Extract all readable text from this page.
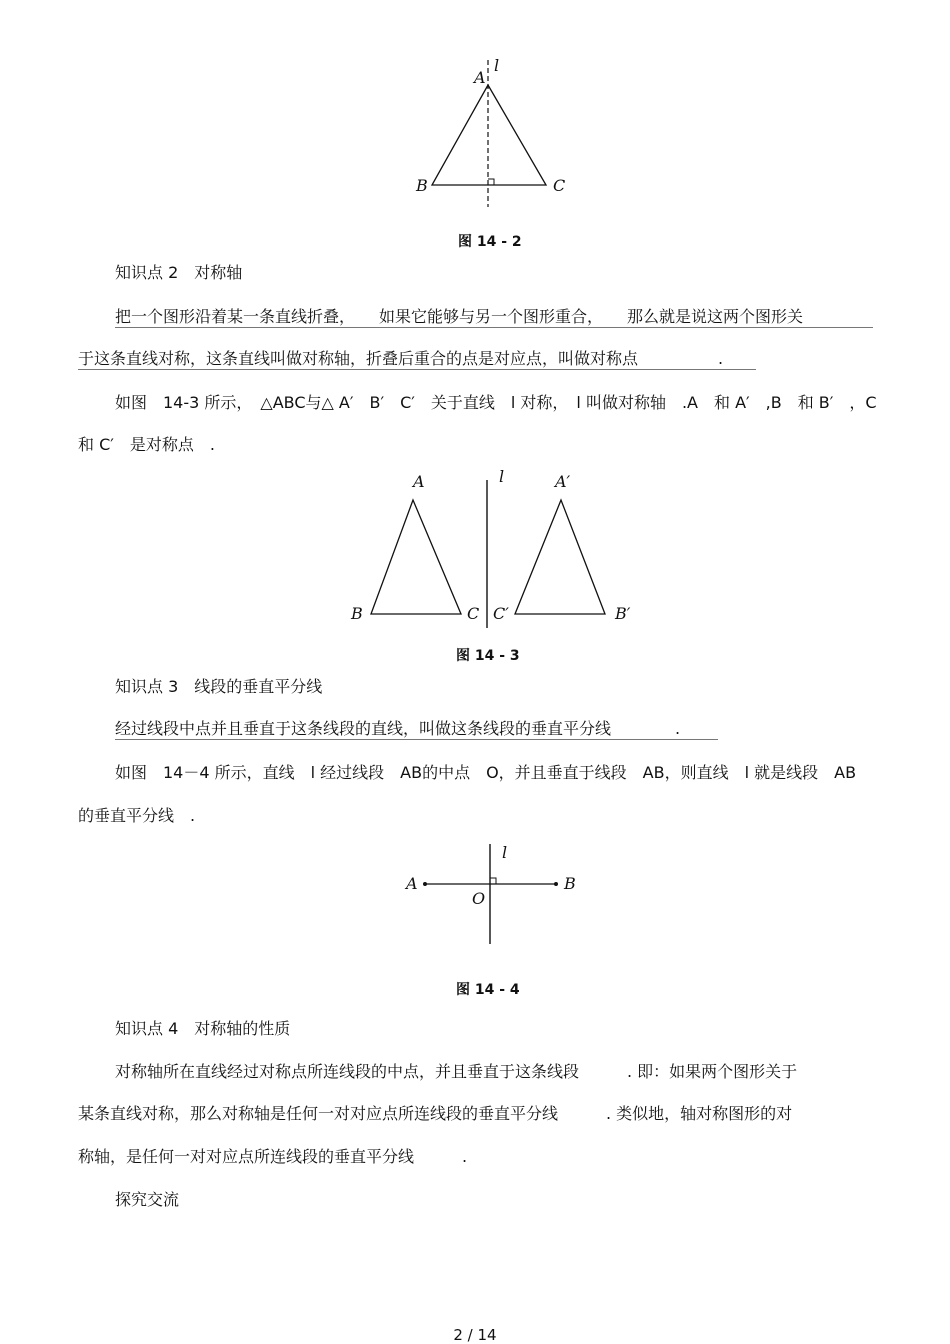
A
l
B	C
图 14 - 2
知识点 2　对称轴
把一个图形沿着某一条直线折叠，　　如果它能够与另一个图形重合，　　那么就是说这两个图形关
于这条直线对称，这条直线叫做对称轴，折叠后重合的点是对应点，叫做对称点　　　　　.
如图　14-3 所示，　△ABC与△ A′　B′　C′　关于直线　l 对称，　l 叫做对称轴　.A　和 A′　,B　和 B′　，C
和 C′　是对称点　.
A
B	C
l	A′
C′	B′
图 14 - 3
知识点 3　线段的垂直平分线
经过线段中点并且垂直于这条线段的直线，叫做这条线段的垂直平分线　　　　.
如图　14－4 所示，直线　l 经过线段　AB的中点　O，并且垂直于线段　AB，则直线　l 就是线段　AB
的垂直平分线　.
A	B
O
l
图 14 - 4
知识点 4　对称轴的性质
对称轴所在直线经过对称点所连线段的中点，并且垂直于这条线段　　　. 即：如果两个图形关于
某条直线对称，那么对称轴是任何一对对应点所连线段的垂直平分线　　　. 类似地，轴对称图形的对
称轴，是任何一对对应点所连线段的垂直平分线　　　.
探究交流
2 / 14
